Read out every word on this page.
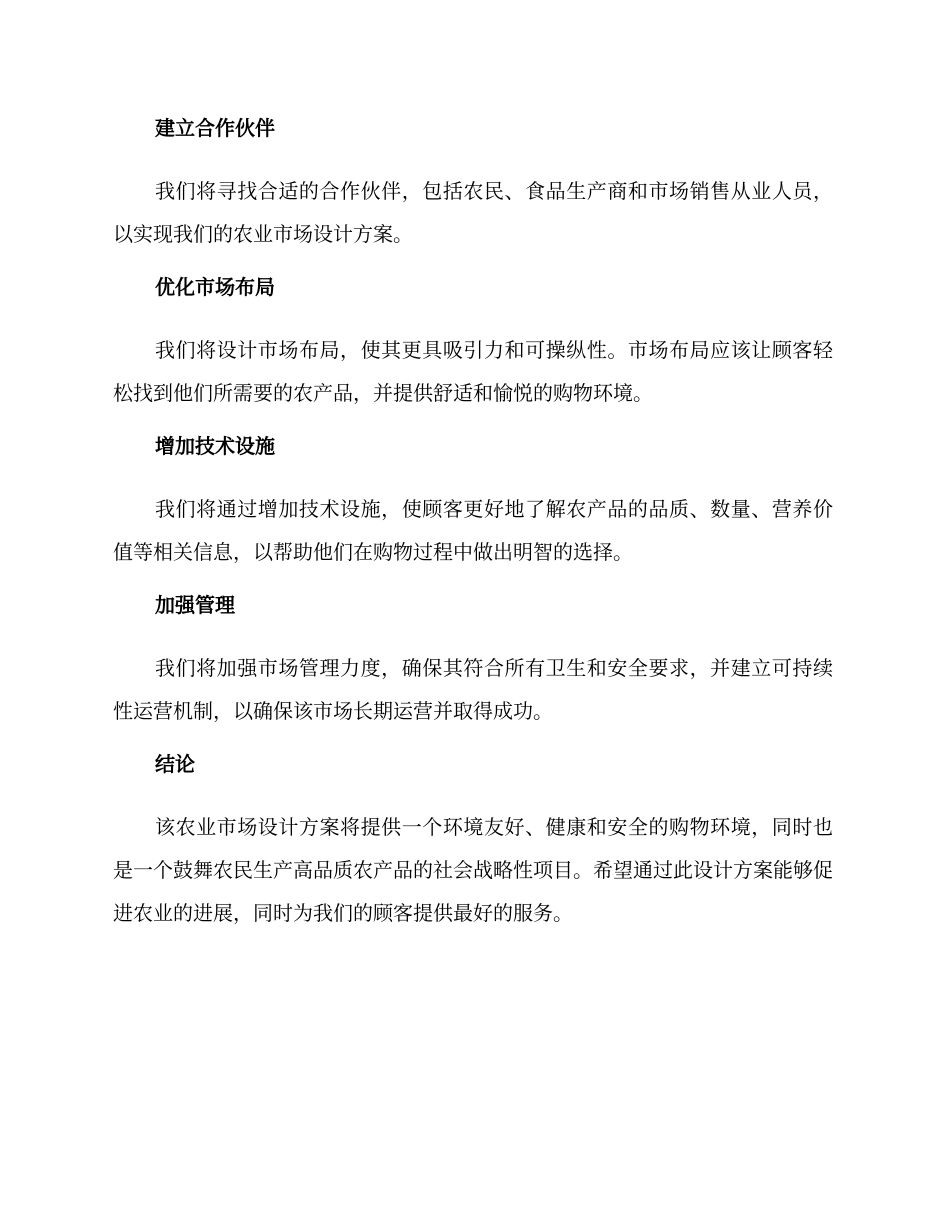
建立合作伙伴

我们将寻找合适的合作伙伴，包括农民、食品生产商和市场销售从业人员，以实现我们的农业市场设计方案。

优化市场布局

我们将设计市场布局，使其更具吸引力和可操纵性。市场布局应该让顾客轻松找到他们所需要的农产品，并提供舒适和愉悦的购物环境。

增加技术设施

我们将通过增加技术设施，使顾客更好地了解农产品的品质、数量、营养价值等相关信息，以帮助他们在购物过程中做出明智的选择。

加强管理

我们将加强市场管理力度，确保其符合所有卫生和安全要求，并建立可持续性运营机制，以确保该市场长期运营并取得成功。

结论

该农业市场设计方案将提供一个环境友好、健康和安全的购物环境，同时也是一个鼓舞农民生产高品质农产品的社会战略性项目。希望通过此设计方案能够促进农业的进展，同时为我们的顾客提供最好的服务。
